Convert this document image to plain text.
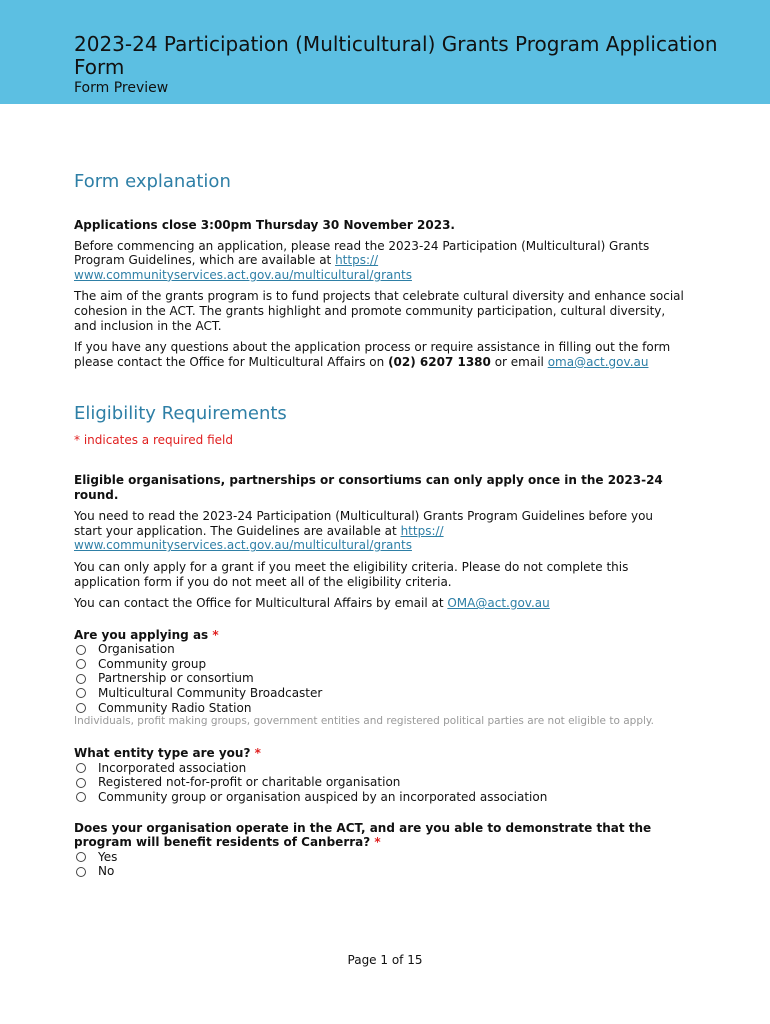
2023-24 Participation (Multicultural) Grants Program Application Form
Form Preview
Form explanation

Applications close 3:00pm Thursday 30 November 2023.

Before commencing an application, please read the 2023-24 Participation (Multicultural) Grants Program Guidelines, which are available at https:// www.communityservices.act.gov.au/multicultural/grants

The aim of the grants program is to fund projects that celebrate cultural diversity and enhance social cohesion in the ACT. The grants highlight and promote community participation, cultural diversity, and inclusion in the ACT.

If you have any questions about the application process or require assistance in filling out the form please contact the Office for Multicultural Affairs on (02) 6207 1380 or email oma@act.gov.au

Eligibility Requirements

* indicates a required field

Eligible organisations, partnerships or consortiums can only apply once in the 2023-24 round.

You need to read the 2023-24 Participation (Multicultural) Grants Program Guidelines before you start your application. The Guidelines are available at https:// www.communityservices.act.gov.au/multicultural/grants

You can only apply for a grant if you meet the eligibility criteria. Please do not complete this application form if you do not meet all of the eligibility criteria.

You can contact the Office for Multicultural Affairs by email at OMA@act.gov.au

Are you applying as *

Organisation
Community group
Partnership or consortium
Multicultural Community Broadcaster
Community Radio Station

Individuals, profit making groups, government entities and registered political parties are not eligible to apply.

What entity type are you? *

Incorporated association
Registered not-for-profit or charitable organisation
Community group or organisation auspiced by an incorporated association

Does your organisation operate in the ACT, and are you able to demonstrate that the program will benefit residents of Canberra? *

Yes
No
Page 1 of 15
